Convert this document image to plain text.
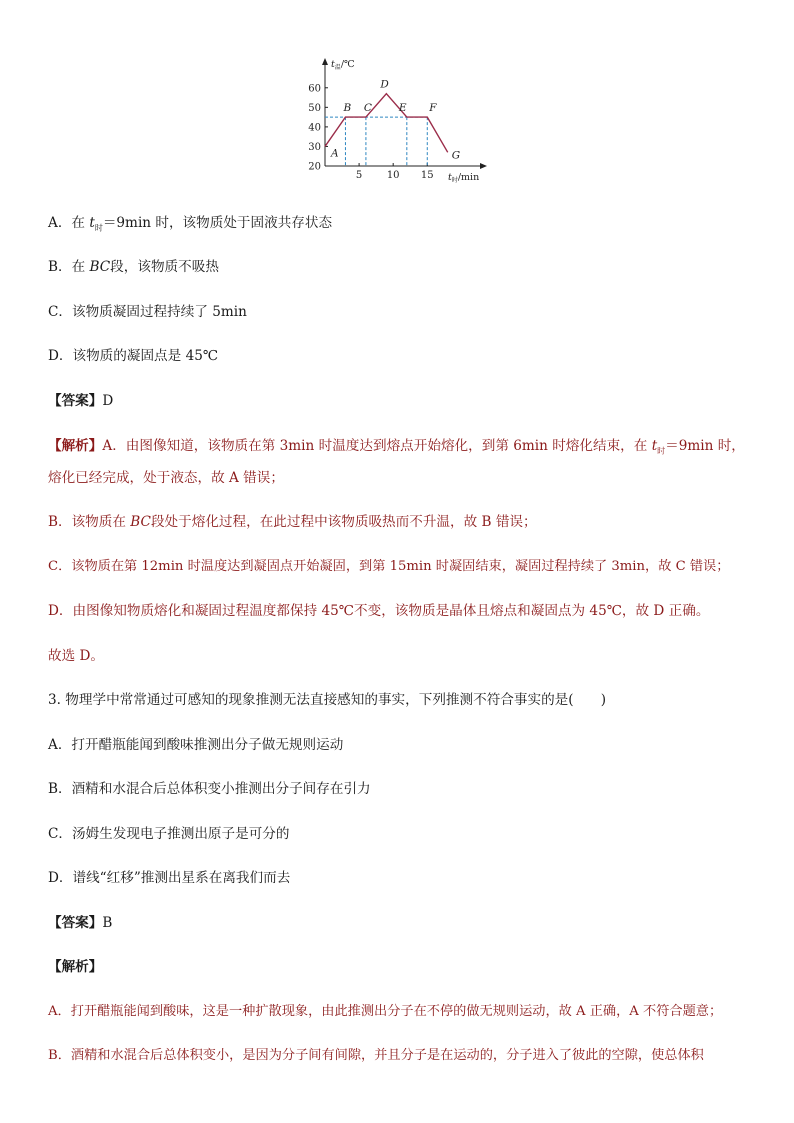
20
30
40
50
60
5 10 15
$t_温/℃$
$t_时/\min$
A
B C
D
E F
G
A．在 $t_时=9\min$ 时，该物质处于固液共存状态
B．在 BC段，该物质不吸热
C．该物质凝固过程持续了 5min
D．该物质的凝固点是 45℃
【答案】D
【解析】A．由图像知道，该物质在第 3min 时温度达到熔点开始熔化，到第 6min 时熔化结束，在 $t_时=9\min$ 时，
熔化已经完成，处于液态，故 A 错误；
B．该物质在 BC段处于熔化过程，在此过程中该物质吸热而不升温，故 B 错误；
C．该物质在第 12min 时温度达到凝固点开始凝固，到第 15min 时凝固结束，凝固过程持续了 3min，故 C 错误；
D．由图像知物质熔化和凝固过程温度都保持 45℃不变，该物质是晶体且熔点和凝固点为 45℃，故 D 正确。
故选 D。
3. 物理学中常常通过可感知的现象推测无法直接感知的事实，下列推测不符合事实的是(　　)
A．打开醋瓶能闻到酸味推测出分子做无规则运动
B．酒精和水混合后总体积变小推测出分子间存在引力
C．汤姆生发现电子推测出原子是可分的
D．谱线“红移”推测出星系在离我们而去
【答案】B
【解析】
A．打开醋瓶能闻到酸味，这是一种扩散现象，由此推测出分子在不停的做无规则运动，故 A 正确，A 不符合题意；
B．酒精和水混合后总体积变小，是因为分子间有间隙，并且分子是在运动的，分子进入了彼此的空隙，使总体积
